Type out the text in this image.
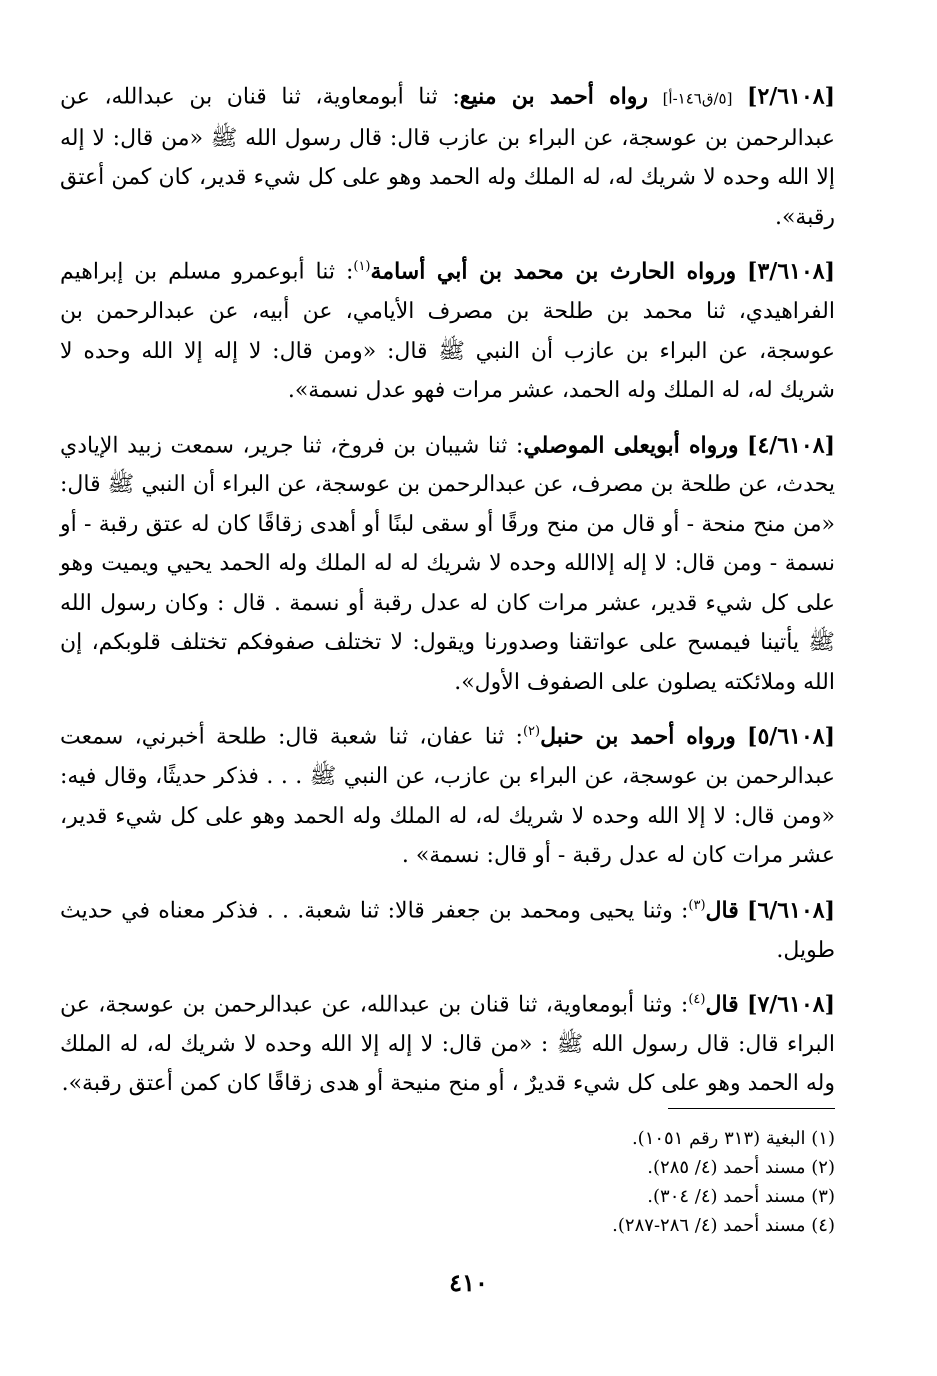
[٢/٦١٠٨] [٥/ق١٤٦-أ] رواه أحمد بن منيع: ثنا أبومعاوية، ثنا قنان بن عبدالله، عن عبدالرحمن بن عوسجة، عن البراء بن عازب قال: قال رسول الله ﷺ «من قال: لا إله إلا الله وحده لا شريك له، له الملك وله الحمد وهو على كل شيء قدير، كان كمن أعتق رقبة».

[٣/٦١٠٨] ورواه الحارث بن محمد بن أبي أسامة$^{(١)}$: ثنا أبوعمرو مسلم بن إبراهيم الفراهيدي، ثنا محمد بن طلحة بن مصرف الأيامي، عن أبيه، عن عبدالرحمن بن عوسجة، عن البراء بن عازب أن النبي ﷺ قال: «ومن قال: لا إله إلا الله وحده لا شريك له، له الملك وله الحمد، عشر مرات فهو عدل نسمة».

[٤/٦١٠٨] ورواه أبويعلى الموصلي: ثنا شيبان بن فروخ، ثنا جرير، سمعت زبيد الإيادي يحدث، عن طلحة بن مصرف، عن عبدالرحمن بن عوسجة، عن البراء أن النبي ﷺ قال: «من منح منحة - أو قال من منح ورقًا أو سقى لبنًا أو أهدى زقاقًا كان له عتق رقبة - أو نسمة - ومن قال: لا إله إلاالله وحده لا شريك له له الملك وله الحمد يحيي ويميت وهو على كل شيء قدير، عشر مرات كان له عدل رقبة أو نسمة . قال : وكان رسول الله ﷺ يأتينا فيمسح على عواتقنا وصدورنا ويقول: لا تختلف صفوفكم تختلف قلوبكم، إن الله وملائكته يصلون على الصفوف الأول».

[٥/٦١٠٨] ورواه أحمد بن حنبل$^{(٢)}$: ثنا عفان، ثنا شعبة قال: طلحة أخبرني، سمعت عبدالرحمن بن عوسجة، عن البراء بن عازب، عن النبي ﷺ . . . فذكر حديثًا، وقال فيه: «ومن قال: لا إلا الله وحده لا شريك له، له الملك وله الحمد وهو على كل شيء قدير، عشر مرات كان له عدل رقبة - أو قال: نسمة» .

[٦/٦١٠٨] قال$^{(٣)}$: وثنا يحيى ومحمد بن جعفر قالا: ثنا شعبة. . . فذكر معناه في حديث طويل.

[٧/٦١٠٨] قال$^{(٤)}$: وثنا أبومعاوية، ثنا قنان بن عبدالله، عن عبدالرحمن بن عوسجة، عن البراء قال: قال رسول الله ﷺ : «من قال: لا إله إلا الله وحده لا شريك له، له الملك وله الحمد وهو على كل شيء قديرٌ ، أو منح منيحة أو هدى زقاقًا كان كمن أعتق رقبة».

(١) البغية (٣١٣ رقم ١٠٥١).
(٢) مسند أحمد (٤/ ٢٨٥).
(٣) مسند أحمد (٤/ ٣٠٤).
(٤) مسند أحمد (٤/ ٢٨٦-٢٨٧).
٤١٠
